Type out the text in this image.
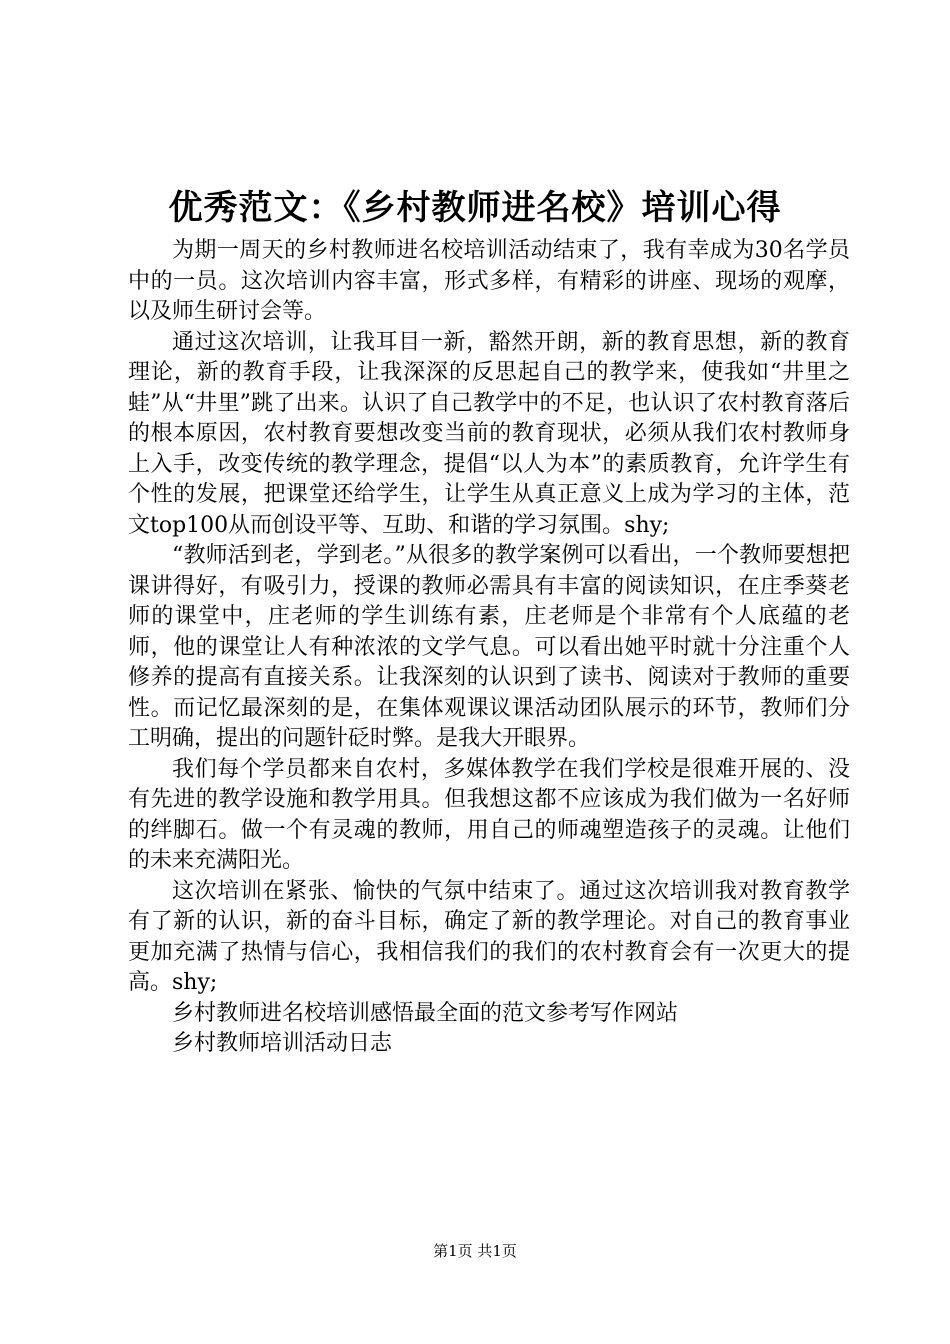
优秀范文：《乡村教师进名校》培训心得

为期一周天的乡村教师进名校培训活动结束了，我有幸成为30名学员中的一员。这次培训内容丰富，形式多样，有精彩的讲座、现场的观摩，以及师生研讨会等。

通过这次培训，让我耳目一新，豁然开朗，新的教育思想，新的教育理论，新的教育手段，让我深深的反思起自己的教学来，使我如“井里之蛙”从“井里”跳了出来。认识了自己教学中的不足，也认识了农村教育落后的根本原因，农村教育要想改变当前的教育现状，必须从我们农村教师身上入手，改变传统的教学理念，提倡“以人为本”的素质教育，允许学生有个性的发展，把课堂还给学生，让学生从真正意义上成为学习的主体，范文top100从而创设平等、互助、和谐的学习氛围。shy;

“教师活到老，学到老。”从很多的教学案例可以看出，一个教师要想把课讲得好，有吸引力，授课的教师必需具有丰富的阅读知识，在庄季葵老师的课堂中，庄老师的学生训练有素，庄老师是个非常有个人底蕴的老师，他的课堂让人有种浓浓的文学气息。可以看出她平时就十分注重个人修养的提高有直接关系。让我深刻的认识到了读书、阅读对于教师的重要性。而记忆最深刻的是，在集体观课议课活动团队展示的环节，教师们分工明确，提出的问题针砭时弊。是我大开眼界。

我们每个学员都来自农村，多媒体教学在我们学校是很难开展的、没有先进的教学设施和教学用具。但我想这都不应该成为我们做为一名好师的绊脚石。做一个有灵魂的教师，用自己的师魂塑造孩子的灵魂。让他们的未来充满阳光。

这次培训在紧张、愉快的气氛中结束了。通过这次培训我对教育教学有了新的认识，新的奋斗目标，确定了新的教学理论。对自己的教育事业更加充满了热情与信心，我相信我们的我们的农村教育会有一次更大的提高。shy;

乡村教师进名校培训感悟最全面的范文参考写作网站

乡村教师培训活动日志

第1页 共1页
